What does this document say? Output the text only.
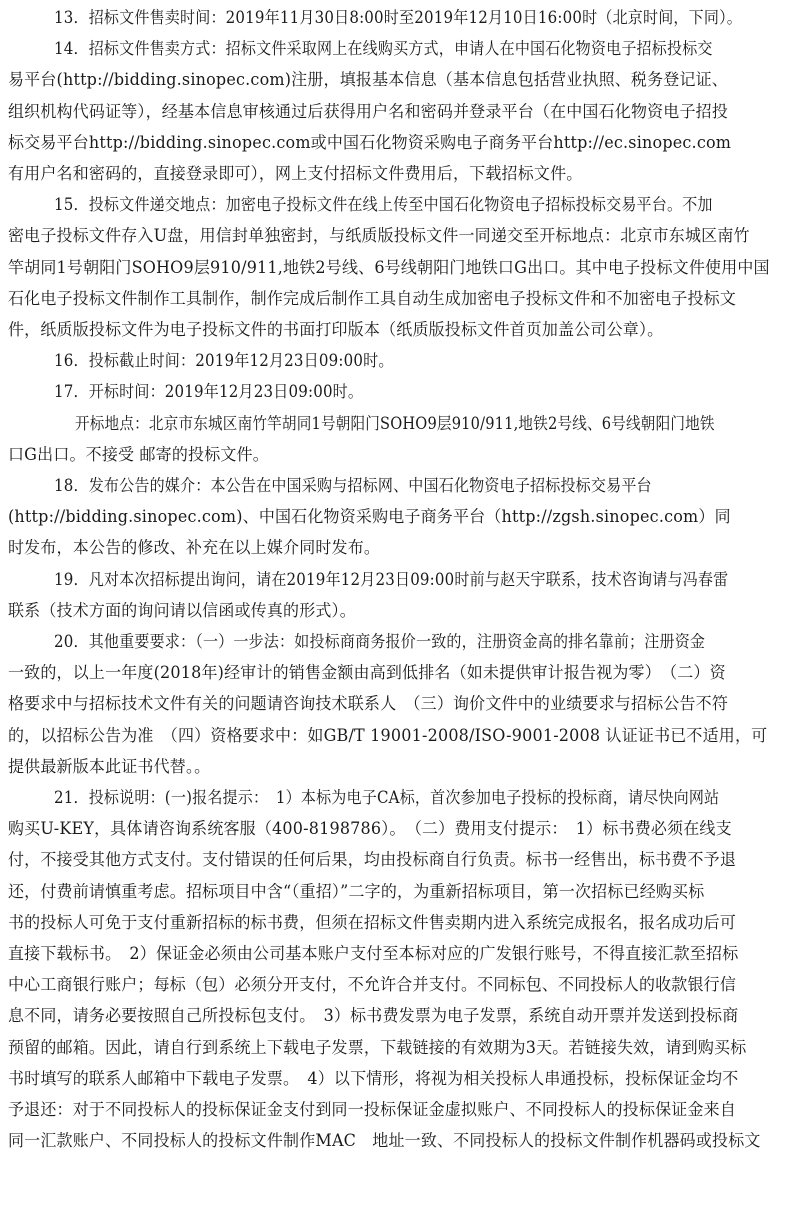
13．招标文件售卖时间：2019年11月30日8:00时至2019年12月10日16:00时（北京时间，下同）。
14．招标文件售卖方式：招标文件采取网上在线购买方式，申请人在中国石化物资电子招标投标交
易平台(http://bidding.sinopec.com)注册，填报基本信息（基本信息包括营业执照、税务登记证、
组织机构代码证等），经基本信息审核通过后获得用户名和密码并登录平台（在中国石化物资电子招投
标交易平台http://bidding.sinopec.com或中国石化物资采购电子商务平台http://ec.sinopec.com
有用户名和密码的，直接登录即可），网上支付招标文件费用后，下载招标文件。
15．投标文件递交地点：加密电子投标文件在线上传至中国石化物资电子招标投标交易平台。不加
密电子投标文件存入U盘，用信封单独密封，与纸质版投标文件一同递交至开标地点：北京市东城区南竹
竿胡同1号朝阳门SOHO9层910/911,地铁2号线、6号线朝阳门地铁口G出口。其中电子投标文件使用中国
石化电子投标文件制作工具制作，制作完成后制作工具自动生成加密电子投标文件和不加密电子投标文
件，纸质版投标文件为电子投标文件的书面打印版本（纸质版投标文件首页加盖公司公章）。
16．投标截止时间：2019年12月23日09:00时。
17．开标时间：2019年12月23日09:00时。
开标地点：北京市东城区南竹竿胡同1号朝阳门SOHO9层910/911,地铁2号线、6号线朝阳门地铁
口G出口。不接受 邮寄的投标文件。
18．发布公告的媒介：本公告在中国采购与招标网、中国石化物资电子招标投标交易平台
(http://bidding.sinopec.com)、中国石化物资采购电子商务平台（http://zgsh.sinopec.com）同
时发布，本公告的修改、补充在以上媒介同时发布。
19．凡对本次招标提出询问，请在2019年12月23日09:00时前与赵天宇联系，技术咨询请与冯春雷
联系（技术方面的询问请以信函或传真的形式）。
20．其他重要要求：（一）一步法：如投标商商务报价一致的，注册资金高的排名靠前；注册资金
一致的，以上一年度(2018年)经审计的销售金额由高到低排名（如未提供审计报告视为零）　（二）资
格要求中与招标技术文件有关的问题请咨询技术联系人　（三）询价文件中的业绩要求与招标公告不符
的，以招标公告为准　（四）资格要求中：如GB/T 19001-2008/ISO-9001-2008 认证证书已不适用，可
提供最新版本此证书代替。。
21．投标说明：(一)报名提示：　1）本标为电子CA标，首次参加电子投标的投标商，请尽快向网站
购买U-KEY，具体请咨询系统客服（400-8198786）。　（二）费用支付提示：　1）标书费必须在线支
付，不接受其他方式支付。支付错误的任何后果，均由投标商自行负责。标书一经售出，标书费不予退
还，付费前请慎重考虑。招标项目中含“（重招）”二字的，为重新招标项目，第一次招标已经购买标
书的投标人可免于支付重新招标的标书费，但须在招标文件售卖期内进入系统完成报名，报名成功后可
直接下载标书。　2）保证金必须由公司基本账户支付至本标对应的广发银行账号，不得直接汇款至招标
中心工商银行账户；每标（包）必须分开支付，不允许合并支付。不同标包、不同投标人的收款银行信
息不同，请务必要按照自己所投标包支付。　3）标书费发票为电子发票，系统自动开票并发送到投标商
预留的邮箱。因此，请自行到系统上下载电子发票，下载链接的有效期为3天。若链接失效，请到购买标
书时填写的联系人邮箱中下载电子发票。　4）以下情形，将视为相关投标人串通投标，投标保证金均不
予退还：对于不同投标人的投标保证金支付到同一投标保证金虚拟账户、不同投标人的投标保证金来自
同一汇款账户、不同投标人的投标文件制作MAC　地址一致、不同投标人的投标文件制作机器码或投标文
